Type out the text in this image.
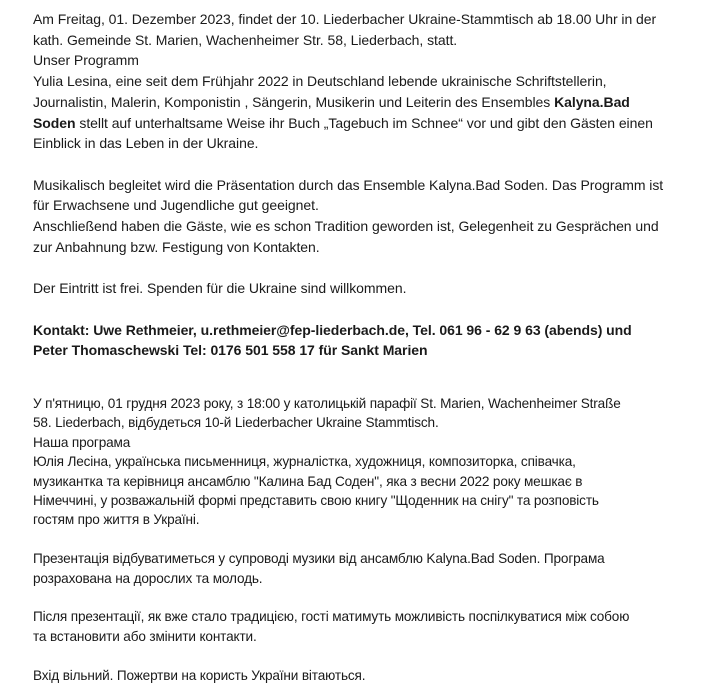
Am Freitag, 01. Dezember 2023, findet der 10. Liederbacher Ukraine-Stammtisch ab 18.00 Uhr in der

kath. Gemeinde St. Marien, Wachenheimer Str. 58, Liederbach, statt.

Unser Programm

Yulia Lesina, eine seit dem Frühjahr 2022 in Deutschland lebende ukrainische Schriftstellerin,

Journalistin, Malerin, Komponistin , Sängerin, Musikerin und Leiterin des Ensembles Kalyna.Bad

Soden stellt auf unterhaltsame Weise ihr Buch „Tagebuch im Schnee“ vor und gibt den Gästen einen

Einblick in das Leben in der Ukraine.

Musikalisch begleitet wird die Präsentation durch das Ensemble Kalyna.Bad Soden. Das Programm ist

für Erwachsene und Jugendliche gut geeignet.

Anschließend haben die Gäste, wie es schon Tradition geworden ist, Gelegenheit zu Gesprächen und

zur Anbahnung bzw. Festigung von Kontakten.

Der Eintritt ist frei. Spenden für die Ukraine sind willkommen.

Kontakt: Uwe Rethmeier, u.rethmeier@fep-liederbach.de, Tel. 061 96 - 62 9 63 (abends) und

Peter Thomaschewski Tel: 0176 501 558 17 für Sankt Marien

У п'ятницю, 01 грудня 2023 року, з 18:00 у католицькій парафії St. Marien, Wachenheimer Straße

58. Liederbach, відбудеться 10-й Liederbacher Ukraine Stammtisch.

Наша програма

Юлія Лесіна, українська письменниця, журналістка, художниця, композиторка, співачка,

музикантка та керівниця ансамблю "Калина Бад Соден", яка з весни 2022 року мешкає в

Німеччині, у розважальній формі представить свою книгу "Щоденник на снігу" та розповість

гостям про життя в Україні.

Презентація відбуватиметься у супроводі музики від ансамблю Kalyna.Bad Soden. Програма

розрахована на дорослих та молодь.

Після презентації, як вже стало традицією, гості матимуть можливість поспілкуватися між собою

та встановити або змінити контакти.

Вхід вільний. Пожертви на користь України вітаються.
